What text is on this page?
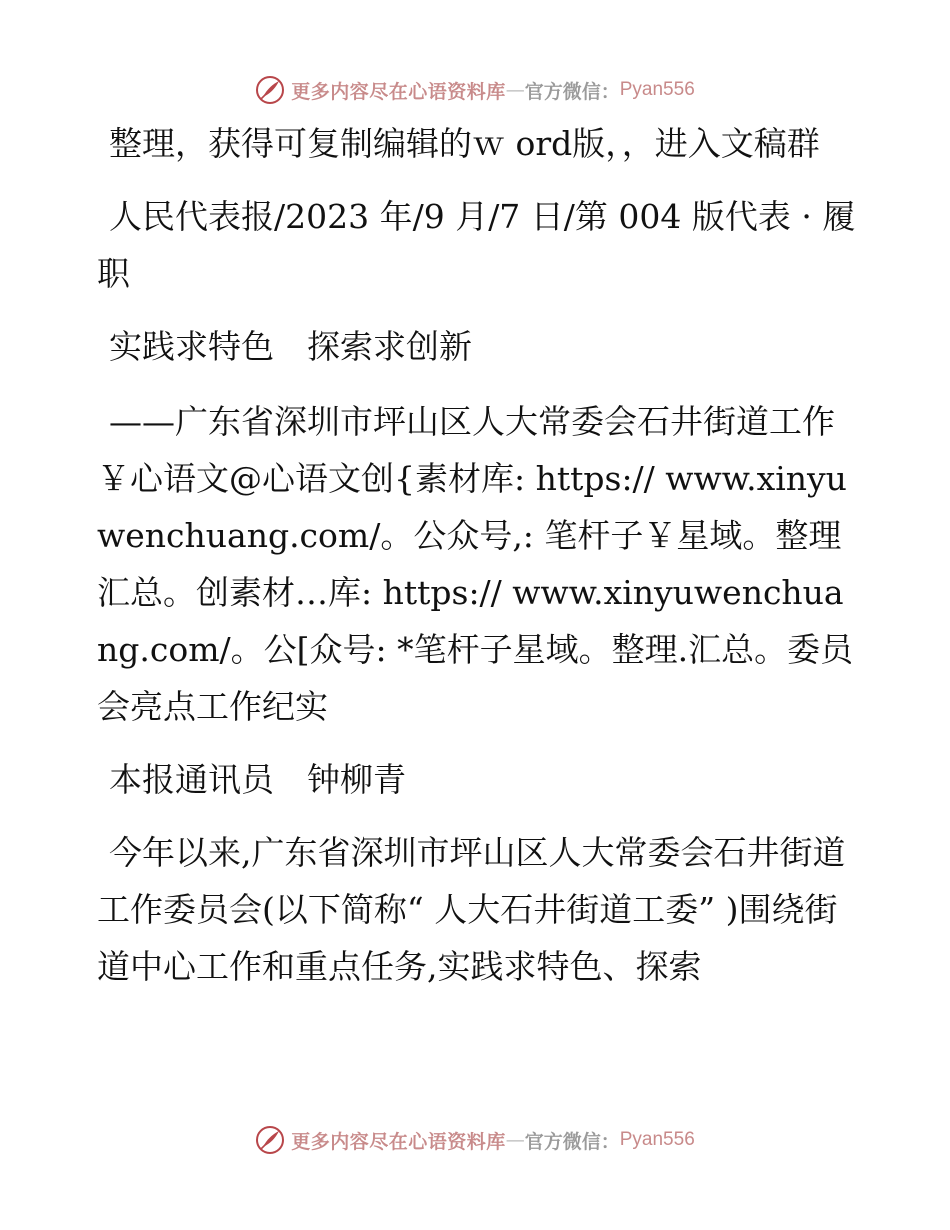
更多内容尽在心语资料库 — 官方微信： Pyan556

整理，获得可复制编辑的ｗ ord版，，进入文稿群

人民代表报/2023 年/9 月/7 日/第 004 版代表 · 履职

实践求特色　探索求创新

——广东省深圳市坪山区人大常委会石井街道工作￥心语文@心语文创{素材库: https:// www.xinyuwenchuang.com/。公众号,: 笔杆子￥星域。整理汇总。创素材…库: https:// www.xinyuwenchuang.com/。公[众号: *笔杆子星域。整理.汇总。委员会亮点工作纪实

本报通讯员　钟柳青

今年以来,广东省深圳市坪山区人大常委会石井街道工作委员会(以下简称“ 人大石井街道工委” )围绕街道中心工作和重点任务,实践求特色、探索

更多内容尽在心语资料库 — 官方微信： Pyan556
